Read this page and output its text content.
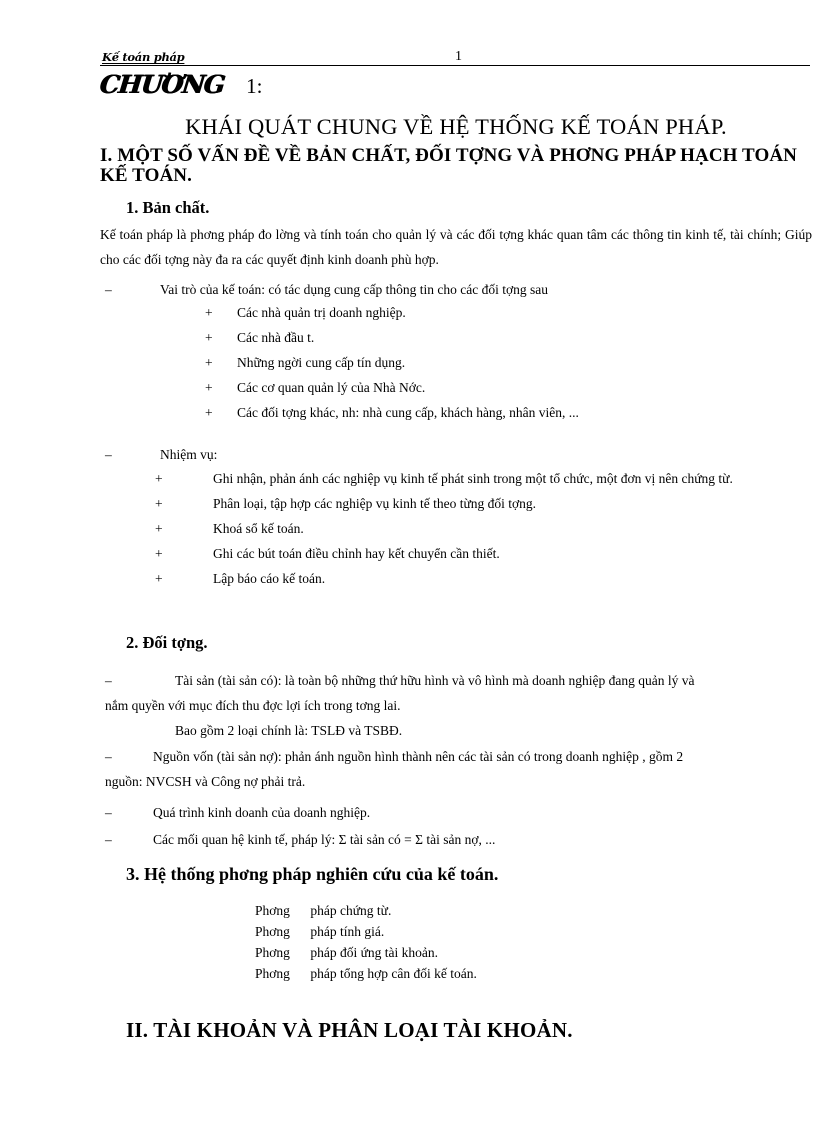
Kế toán pháp	1
CHƯƠNG 1:
KHÁI QUÁT CHUNG VỀ HỆ THỐNG KẾ TOÁN PHÁP.
I. MỘT SỐ VẤN ĐỀ VỀ BẢN CHẤT, ĐỐI TỢNG VÀ PHƠNG PHÁP HẠCH TOÁN KẾ TOÁN.
1. Bản chất.
Kế toán pháp là phơng pháp đo lờng và tính toán cho quản lý và các đối tợng khác quan tâm các thông tin kinh tế, tài chính; Giúp cho các đối tợng này đa ra các quyết định kinh doanh phù hợp.
–	Vai trò của kế toán: có tác dụng cung cấp thông tin cho các đối tợng sau
+ Các nhà quản trị doanh nghiệp.
+ Các nhà đầu t.
+ Những ngời cung cấp tín dụng.
+ Các cơ quan quản lý của Nhà Nớc.
+ Các đối tợng khác, nh: nhà cung cấp, khách hàng, nhân viên, ...
–	Nhiệm vụ:
+	Ghi nhận, phản ánh các nghiệp vụ kinh tế phát sinh trong một tổ chức, một đơn vị nên chứng từ.
+	Phân loại, tập hợp các nghiệp vụ kinh tế theo từng đối tợng.
+	Khoá sổ kế toán.
+	Ghi các bút toán điều chỉnh hay kết chuyển cần thiết.
+	Lập báo cáo kế toán.
2. Đối tợng.
–	Tài sản (tài sản có): là toàn bộ những thứ hữu hình và vô hình mà doanh nghiệp đang quản lý và
nắm quyền với mục đích thu đợc lợi ích trong tơng lai.
Bao gồm 2 loại chính là: TSLĐ và TSBĐ.
–	Nguồn vốn (tài sản nợ): phản ánh nguồn hình thành nên các tài sản có trong doanh nghiệp , gồm 2
nguồn: NVCSH và Công nợ phải trả.
–	Quá trình kinh doanh của doanh nghiệp.
–	Các mối quan hệ kinh tế, pháp lý: Σ tài sản có = Σ tài sản nợ, ...
3. Hệ thống phơng pháp nghiên cứu của kế toán.
Phơng pháp chứng từ.
Phơng pháp tính giá.
Phơng pháp đối ứng tài khoản.
Phơng pháp tổng hợp cân đối kế toán.
II. TÀI KHOẢN VÀ PHÂN LOẠI TÀI KHOẢN.
